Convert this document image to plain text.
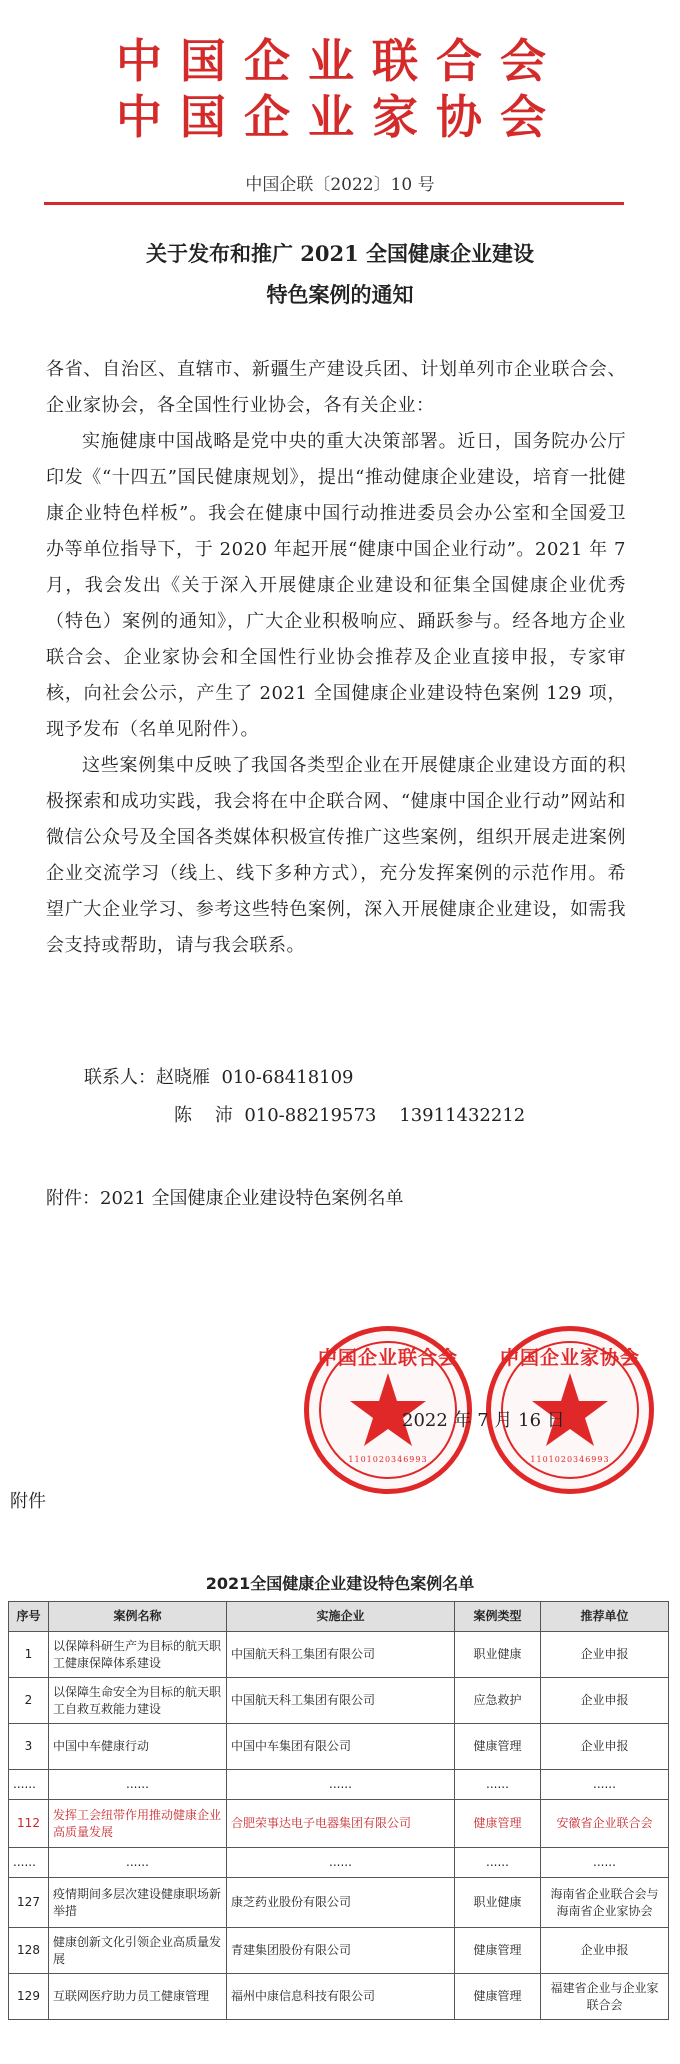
中国企业联合会
中国企业家协会
中国企联〔2022〕10 号
关于发布和推广 2021 全国健康企业建设
特色案例的通知

各省、自治区、直辖市、新疆生产建设兵团、计划单列市企业联合会、企业家协会，各全国性行业协会，各有关企业：

实施健康中国战略是党中央的重大决策部署。近日，国务院办公厅印发《“十四五”国民健康规划》，提出“推动健康企业建设，培育一批健康企业特色样板”。我会在健康中国行动推进委员会办公室和全国爱卫办等单位指导下，于 2020 年起开展“健康中国企业行动”。2021 年 7 月，我会发出《关于深入开展健康企业建设和征集全国健康企业优秀（特色）案例的通知》，广大企业积极响应、踊跃参与。经各地方企业联合会、企业家协会和全国性行业协会推荐及企业直接申报，专家审核，向社会公示，产生了 2021 全国健康企业建设特色案例 129 项，现予发布（名单见附件）。

这些案例集中反映了我国各类型企业在开展健康企业建设方面的积极探索和成功实践，我会将在中企联合网、“健康中国企业行动”网站和微信公众号及全国各类媒体积极宣传推广这些案例，组织开展走进案例企业交流学习（线上、线下多种方式），充分发挥案例的示范作用。希望广大企业学习、参考这些特色案例，深入开展健康企业建设，如需我会支持或帮助，请与我会联系。

联系人：赵晓雁  010-68418109
陈    沛  010-88219573    13911432212
附件：2021 全国健康企业建设特色案例名单
中国企业联合会
1101020346993
中国企业家协会
1101020346993
2022 年 7 月 16 日
附件
2021全国健康企业建设特色案例名单
序号	案例名称	实施企业	案例类型	推荐单位
1	以保障科研生产为目标的航天职工健康保障体系建设	中国航天科工集团有限公司	职业健康	企业申报
2	以保障生命安全为目标的航天职工自救互救能力建设	中国航天科工集团有限公司	应急救护	企业申报
3	中国中车健康行动	中国中车集团有限公司	健康管理	企业申报
......	......	......	......	......
112	发挥工会纽带作用推动健康企业高质量发展	合肥荣事达电子电器集团有限公司	健康管理	安徽省企业联合会
......	......	......	......	......
127	疫情期间多层次建设健康职场新举措	康芝药业股份有限公司	职业健康	海南省企业联合会与海南省企业家协会
128	健康创新文化引领企业高质量发展	青建集团股份有限公司	健康管理	企业申报
129	互联网医疗助力员工健康管理	福州中康信息科技有限公司	健康管理	福建省企业与企业家联合会
